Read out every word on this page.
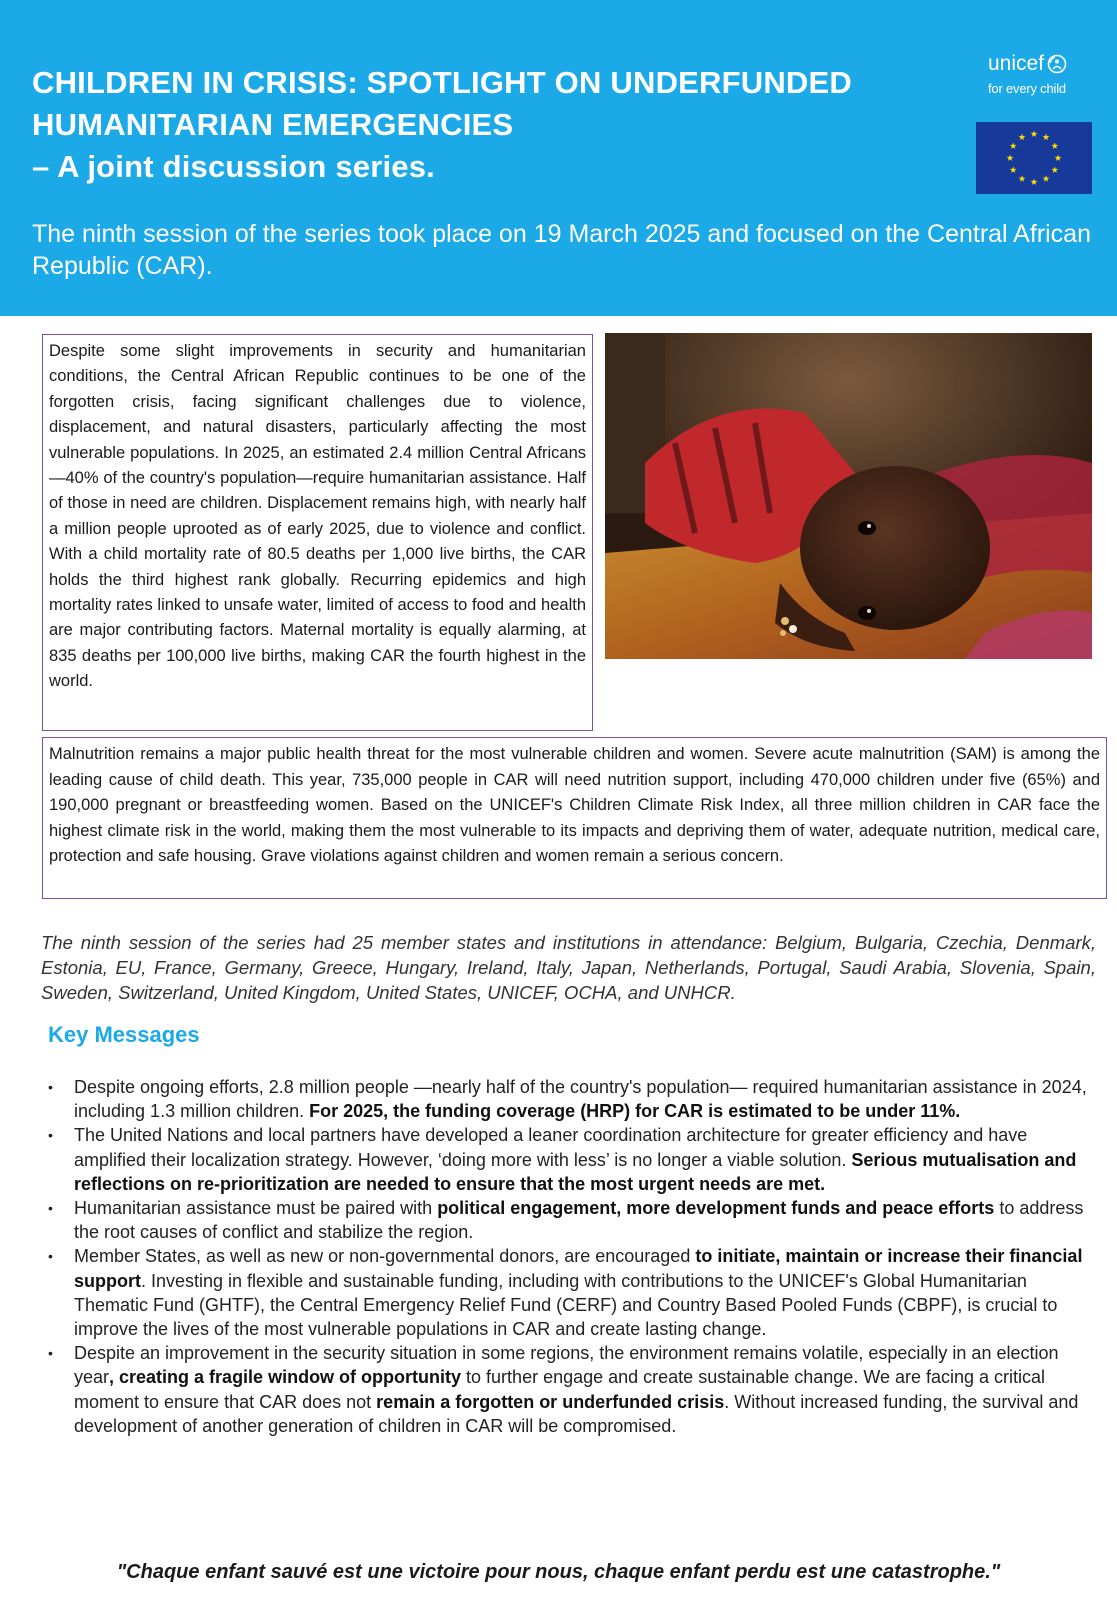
CHILDREN IN CRISIS: SPOTLIGHT ON UNDERFUNDED
HUMANITARIAN EMERGENCIES
– A joint discussion series.
The ninth session of the series took place on 19 March 2025 and focused on the Central African Republic (CAR).
unicef
for every child
Despite some slight improvements in security and humanitarian conditions, the Central African Republic continues to be one of the forgotten crisis, facing significant challenges due to violence, displacement, and natural disasters, particularly affecting the most vulnerable populations. In 2025, an estimated 2.4 million Central Africans—40% of the country's population—require humanitarian assistance. Half of those in need are children. Displacement remains high, with nearly half a million people uprooted as of early 2025, due to violence and conflict. With a child mortality rate of 80.5 deaths per 1,000 live births, the CAR holds the third highest rank globally. Recurring epidemics and high mortality rates linked to unsafe water, limited of access to food and health are major contributing factors. Maternal mortality is equally alarming, at 835 deaths per 100,000 live births, making CAR the fourth highest in the world.
Malnutrition remains a major public health threat for the most vulnerable children and women. Severe acute malnutrition (SAM) is among the leading cause of child death. This year, 735,000 people in CAR will need nutrition support, including 470,000 children under five (65%) and 190,000 pregnant or breastfeeding women. Based on the UNICEF's Children Climate Risk Index, all three million children in CAR face the highest climate risk in the world, making them the most vulnerable to its impacts and depriving them of water, adequate nutrition, medical care, protection and safe housing. Grave violations against children and women remain a serious concern.
The ninth session of the series had 25 member states and institutions in attendance: Belgium, Bulgaria, Czechia, Denmark, Estonia, EU, France, Germany, Greece, Hungary, Ireland, Italy, Japan, Netherlands, Portugal, Saudi Arabia, Slovenia, Spain, Sweden, Switzerland, United Kingdom, United States, UNICEF, OCHA, and UNHCR.
Key Messages
• Despite ongoing efforts, 2.8 million people —nearly half of the country's population— required humanitarian assistance in 2024, including 1.3 million children. For 2025, the funding coverage (HRP) for CAR is estimated to be under 11%.
• The United Nations and local partners have developed a leaner coordination architecture for greater efficiency and have amplified their localization strategy. However, ‘doing more with less’ is no longer a viable solution. Serious mutualisation and reflections on re-prioritization are needed to ensure that the most urgent needs are met.
• Humanitarian assistance must be paired with political engagement, more development funds and peace efforts to address the root causes of conflict and stabilize the region.
• Member States, as well as new or non-governmental donors, are encouraged to initiate, maintain or increase their financial support. Investing in flexible and sustainable funding, including with contributions to the UNICEF's Global Humanitarian Thematic Fund (GHTF), the Central Emergency Relief Fund (CERF) and Country Based Pooled Funds (CBPF), is crucial to improve the lives of the most vulnerable populations in CAR and create lasting change.
• Despite an improvement in the security situation in some regions, the environment remains volatile, especially in an election year, creating a fragile window of opportunity to further engage and create sustainable change. We are facing a critical moment to ensure that CAR does not remain a forgotten or underfunded crisis. Without increased funding, the survival and development of another generation of children in CAR will be compromised.
"Chaque enfant sauvé est une victoire pour nous, chaque enfant perdu est une catastrophe."
